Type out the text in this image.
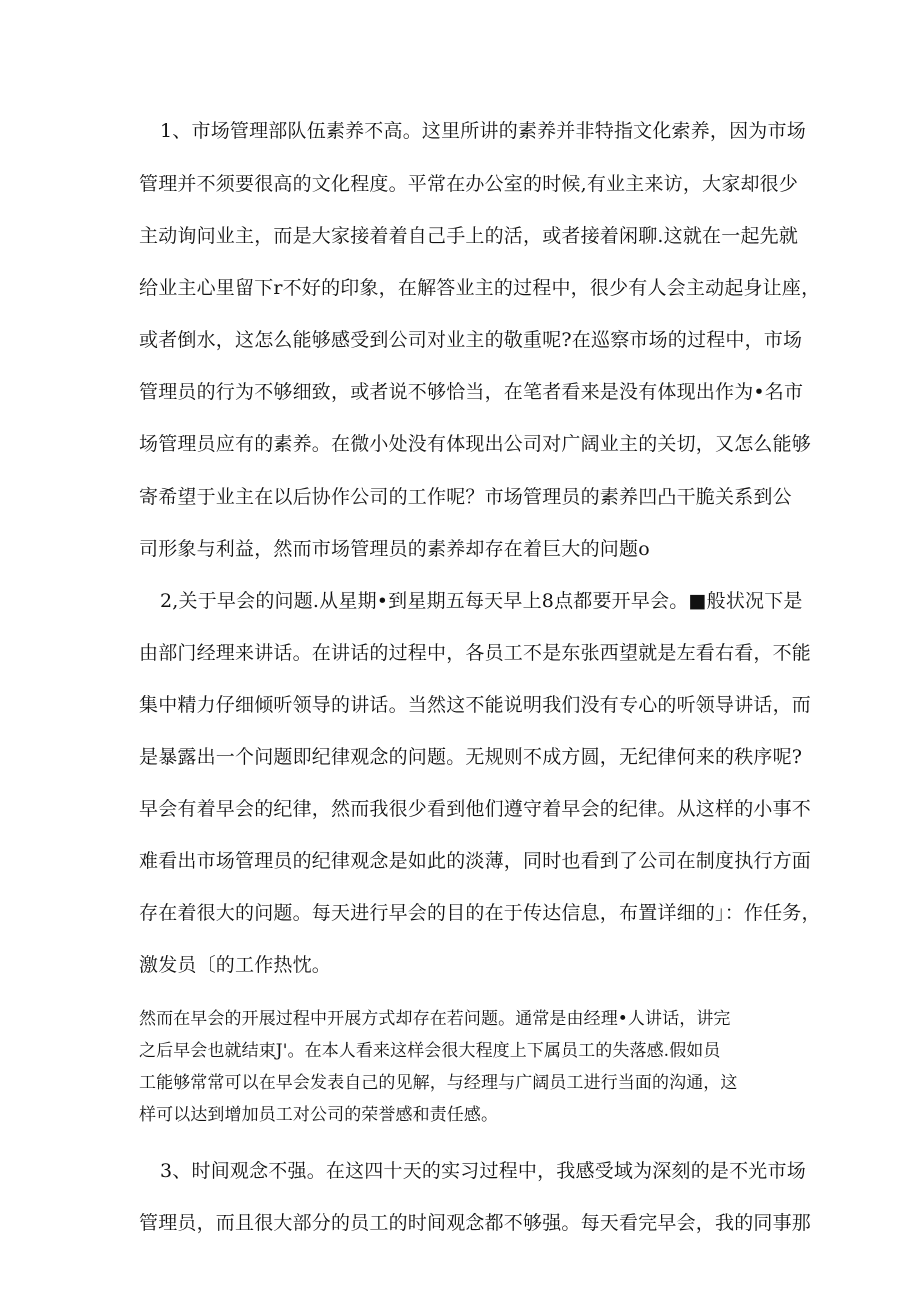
1、市场管理部队伍素养不高。这里所讲的素养并非特指文化索养，因为市场
管理并不须要很高的文化程度。平常在办公室的时候,有业主来访，大家却很少
主动询问业主，而是大家接着着自己手上的活，或者接着闲聊.这就在一起先就
给业主心里留下r不好的印象，在解答业主的过程中，很少有人会主动起身让座，
或者倒水，这怎么能够感受到公司对业主的敬重呢?在巡察市场的过程中，市场
管理员的行为不够细致，或者说不够恰当，在笔者看来是没有体现出作为•名市
场管理员应有的素养。在微小处没有体现出公司对广阔业主的关切，又怎么能够
寄希望于业主在以后协作公司的工作呢？市场管理员的素养凹凸干脆关系到公
司形象与利益，然而市场管理员的素养却存在着巨大的问题o
2,关于早会的问题.从星期•到星期五每天早上8点都要开早会。■般状况下是
由部门经理来讲话。在讲话的过程中，各员工不是东张西望就是左看右看，不能
集中精力仔细倾听领导的讲话。当然这不能说明我们没有专心的听领导讲话，而
是暴露出一个问题即纪律观念的问题。无规则不成方圆，无纪律何来的秩序呢?
早会有着早会的纪律，然而我很少看到他们遵守着早会的纪律。从这样的小事不
难看出市场管理员的纪律观念是如此的淡薄，同时也看到了公司在制度执行方面
存在着很大的问题。每天进行早会的目的在于传达信息，布置详细的」：作任务，
激发员〔的工作热忱。
然而在早会的开展过程中开展方式却存在若问题。通常是由经理•人讲话，讲完
之后早会也就结束J'。在本人看来这样会很大程度上下属员工的失落感.假如员
工能够常常可以在早会发表自己的见解，与经理与广阔员工进行当面的沟通，这
样可以达到增加员工对公司的荣誉感和责任感。
3、时间观念不强。在这四十天的实习过程中，我感受域为深刻的是不光市场
管理员，而且很大部分的员工的时间观念都不够强。每天看完早会，我的同事那
